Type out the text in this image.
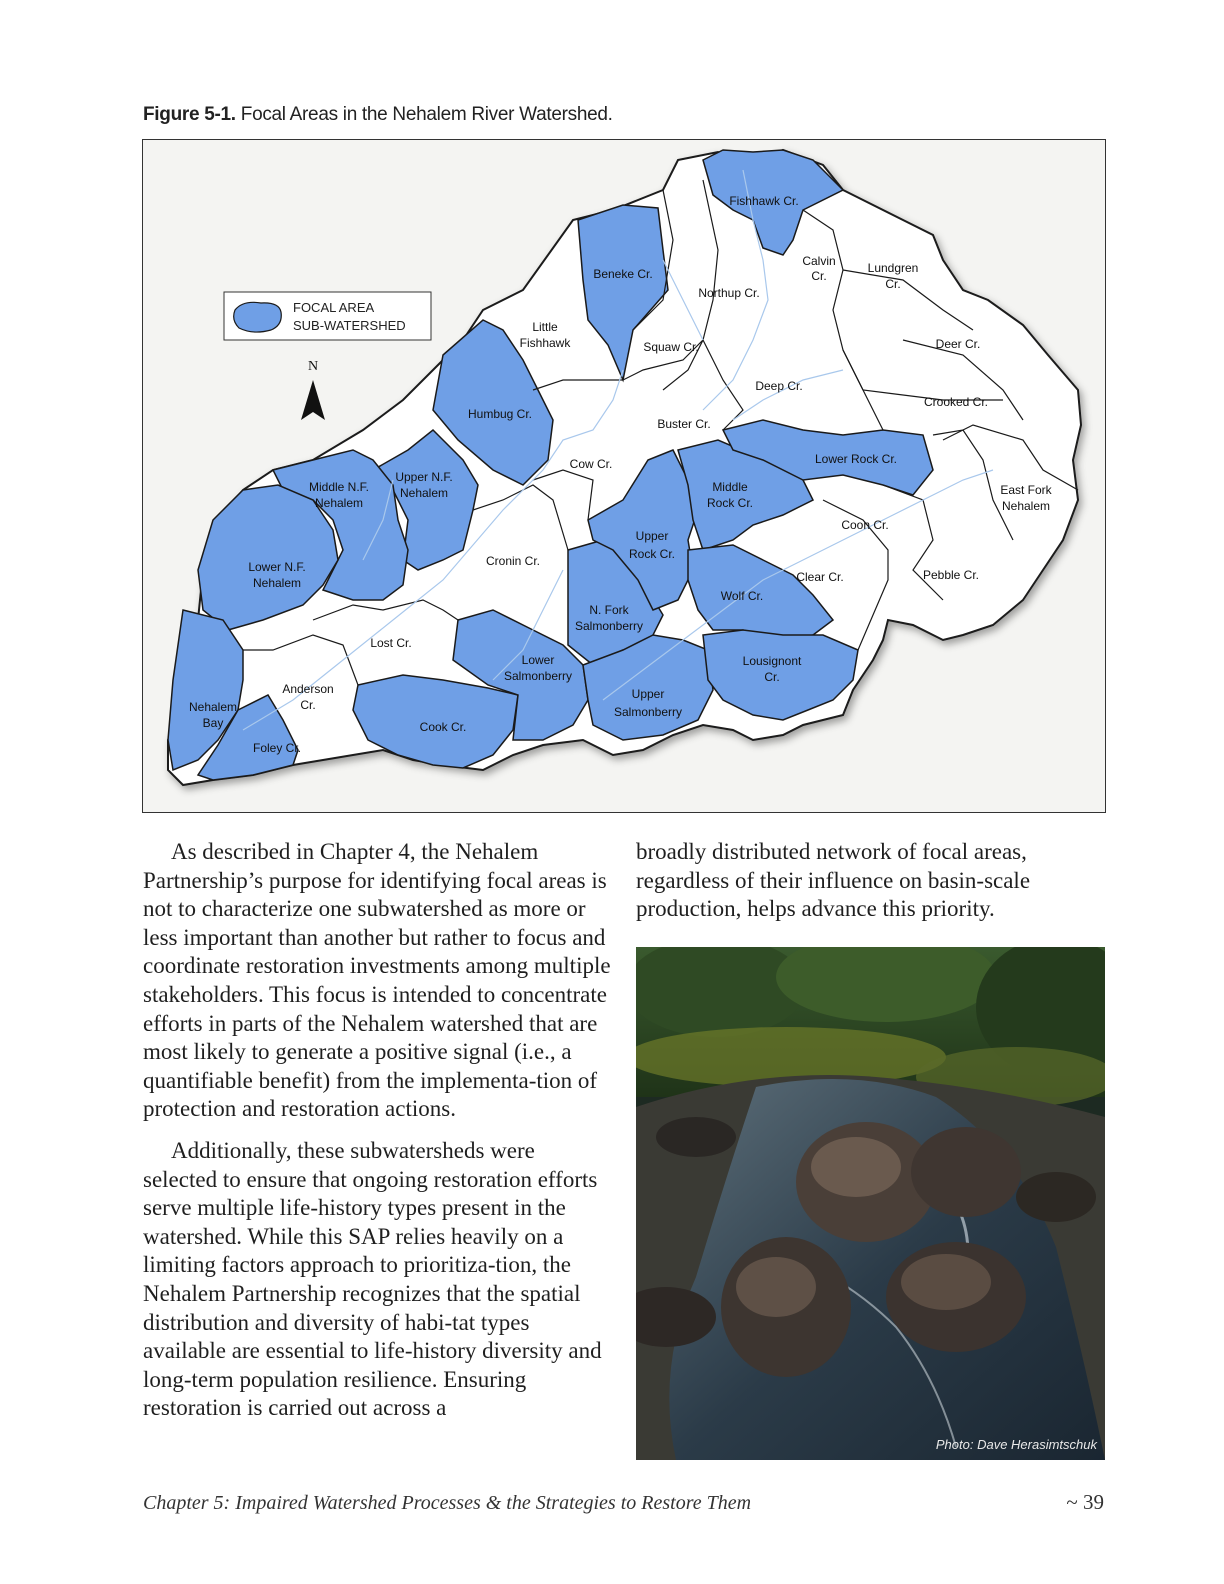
Figure 5-1. Focal Areas in the Nehalem River Watershed.
Fishhawk Cr.
Calvin
Cr.
Lundgren
Cr.
Beneke Cr.
Northup Cr.
Little
Fishhawk	Squaw Cr.	Deer Cr.
Deep Cr.
Crooked Cr.
Humbug Cr.
Buster Cr.
Lower Rock Cr.
Cow Cr.
Upper N.F.
Nehalem
Middle N.F.
Nehalem
Middle
Rock Cr.
East Fork
Nehalem
Upper
Rock Cr.
Coon Cr.
Cronin Cr.
Lower N.F.
Nehalem	Clear Cr.	Pebble Cr.
Wolf Cr.
N. Fork
Salmonberry
Lost Cr.
Lower
Salmonberry
Lousignont
Cr.
Anderson
Cr.
Upper
Salmonberry
Nehalem
Bay	Cook Cr.
Foley Cr.
FOCAL AREA
SUB-WATERSHED
N

As described in Chapter 4, the Nehalem Partnership’s purpose for identifying focal areas is not to characterize one subwatershed as more or less important than another but rather to focus and coordinate restoration investments among multiple stakeholders. This focus is intended to concentrate efforts in parts of the Nehalem watershed that are most likely to generate a positive signal (i.e., a quantifiable benefit) from the implementa-tion of protection and restoration actions.

Additionally, these subwatersheds were selected to ensure that ongoing restoration efforts serve multiple life-history types present in the watershed. While this SAP relies heavily on a limiting factors approach to prioritiza-tion, the Nehalem Partnership recognizes that the spatial distribution and diversity of habi-tat types available are essential to life-history diversity and long-term population resilience. Ensuring restoration is carried out across a

broadly distributed network of focal areas, regardless of their influence on basin-scale production, helps advance this priority.

Photo: Dave Herasimtschuk
Chapter 5: Impaired Watershed Processes & the Strategies to Restore Them	~ 39
